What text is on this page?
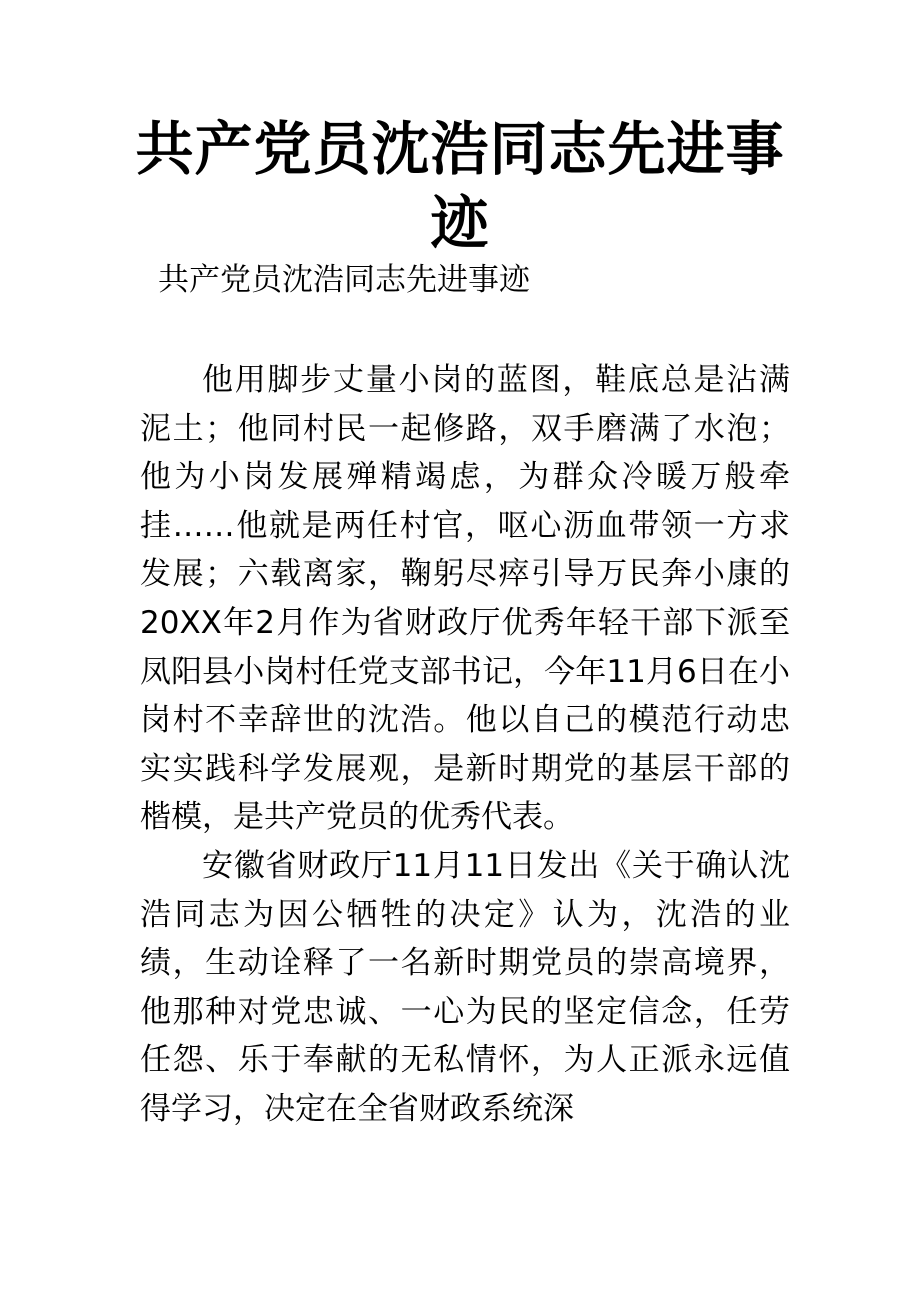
共产党员沈浩同志先进事迹

共产党员沈浩同志先进事迹

他用脚步丈量小岗的蓝图，鞋底总是沾满泥土；他同村民一起修路，双手磨满了水泡；他为小岗发展殚精竭虑，为群众冷暖万般牵挂……他就是两任村官，呕心沥血带领一方求发展；六载离家，鞠躬尽瘁引导万民奔小康的20XX年2月作为省财政厅优秀年轻干部下派至凤阳县小岗村任党支部书记，今年11月6日在小岗村不幸辞世的沈浩。他以自己的模范行动忠实实践科学发展观，是新时期党的基层干部的楷模，是共产党员的优秀代表。

安徽省财政厅11月11日发出《关于确认沈浩同志为因公牺牲的决定》认为，沈浩的业绩，生动诠释了一名新时期党员的崇高境界，他那种对党忠诚、一心为民的坚定信念，任劳任怨、乐于奉献的无私情怀，为人正派永远值得学习，决定在全省财政系统深
